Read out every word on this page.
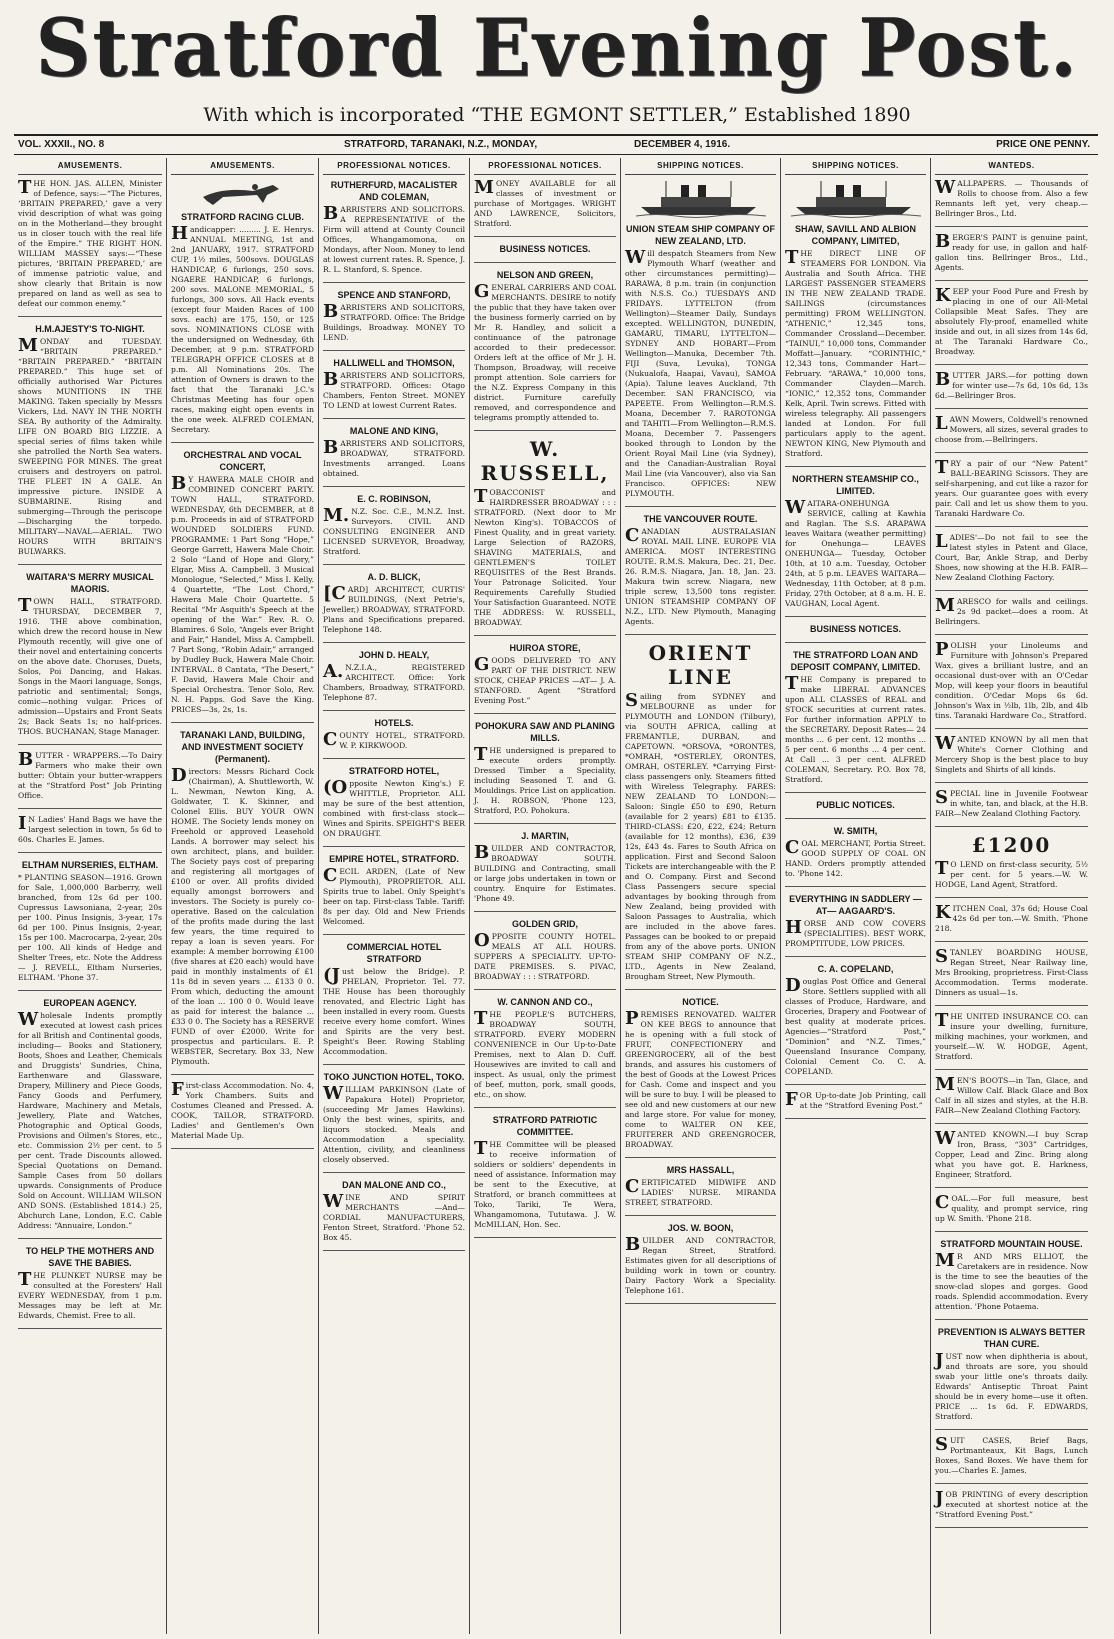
Stratford Evening Post.
With which is incorporated “THE EGMONT SETTLER,” Established 1890
VOL. XXXII., NO. 8	STRATFORD, TARANAKI, N.Z., MONDAY,	DECEMBER 4, 1916.	PRICE ONE PENNY.
AMUSEMENTS.

THE HON. JAS. ALLEN, Minister of Defence, says:—“The Pictures, ‘BRITAIN PREPARED,’ gave a very vivid description of what was going on in the Motherland—they brought us in closer touch with the real life of the Empire.” THE RIGHT HON. WILLIAM MASSEY says:—“These pictures, ‘BRITAIN PREPARED,’ are of immense patriotic value, and show clearly that Britain is now prepared on land as well as sea to defeat our common enemy.”

H.M.AJESTY'S TO-NIGHT.

MONDAY and TUESDAY. “BRITAIN PREPARED.” “BRITAIN PREPARED.” “BRITAIN PREPARED.” This huge set of officially authorised War Pictures shows MUNITIONS IN THE MAKING. Taken specially by Messrs Vickers, Ltd. NAVY IN THE NORTH SEA. By authority of the Admiralty. LIFE ON BOARD BIG LIZZIE. A special series of films taken while she patrolled the North Sea waters. SWEEPING FOR MINES. The great cruisers and destroyers on patrol. THE FLEET IN A GALE. An impressive picture. INSIDE A SUBMARINE. Rising and submerging—Through the periscope—Discharging the torpedo. MILITARY—NAVAL—AERIAL. TWO HOURS WITH BRITAIN'S BULWARKS.

WAITARA'S MERRY MUSICAL MAORIS.

TOWN HALL, STRATFORD. THURSDAY, DECEMBER 7, 1916. THE above combination, which drew the record house in New Plymouth recently, will give one of their novel and entertaining concerts on the above date. Choruses, Duets, Solos, Poi Dancing, and Hakas. Songs in the Maori language, Songs, patriotic and sentimental; Songs, comic—nothing vulgar. Prices of admission—Upstairs and Front Seats 2s; Back Seats 1s; no half-prices. THOS. BUCHANAN, Stage Manager.

BUTTER - WRAPPERS.—To Dairy Farmers who make their own butter: Obtain your butter-wrappers at the “Stratford Post” Job Printing Office.

IN Ladies' Hand Bags we have the largest selection in town, 5s 6d to 60s. Charles E. James.

ELTHAM NURSERIES, ELTHAM.

* PLANTING SEASON—1916. Grown for Sale, 1,000,000 Barberry, well branched, from 12s 6d per 100. Cupressus Lawsoniana, 2-year, 20s per 100. Pinus Insignis, 3-year, 17s 6d per 100. Pinus Insignis, 2-year, 15s per 100. Macrocarpa, 2-year, 20s per 100. All kinds of Hedge and Shelter Trees, etc. Note the Address— J. REVELL, Eltham Nurseries, ELTHAM. 'Phone 37.

EUROPEAN AGENCY.

Wholesale Indents promptly executed at lowest cash prices for all British and Continental goods, including— Books and Stationery, Boots, Shoes and Leather, Chemicals and Druggists' Sundries, China, Earthenware and Glassware, Drapery, Millinery and Piece Goods, Fancy Goods and Perfumery, Hardware, Machinery and Metals, Jewellery, Plate and Watches, Photographic and Optical Goods, Provisions and Oilmen's Stores, etc., etc. Commission 2½ per cent. to 5 per cent. Trade Discounts allowed. Special Quotations on Demand. Sample Cases from 50 dollars upwards. Consignments of Produce Sold on Account. WILLIAM WILSON AND SONS. (Established 1814.) 25, Abchurch Lane, London, E.C. Cable Address: “Annuaire, London.”

TO HELP THE MOTHERS AND SAVE THE BABIES.

THE PLUNKET NURSE may be consulted at the Foresters' Hall EVERY WEDNESDAY, from 1 p.m. Messages may be left at Mr. Edwards, Chemist. Free to all.

AMUSEMENTS.
STRATFORD RACING CLUB.

Handicapper: ......... J. E. Henrys. ANNUAL MEETING, 1st and 2nd JANUARY, 1917. STRATFORD CUP, 1½ miles, 500sovs. DOUGLAS HANDICAP, 6 furlongs, 250 sovs. NGAERE HANDICAP, 6 furlongs, 200 sovs. MALONE MEMORIAL, 5 furlongs, 300 sovs. All Hack events (except four Maiden Races of 100 sovs. each) are 175, 150, or 125 sovs. NOMINATIONS CLOSE with the undersigned on Wednesday, 6th December, at 9 p.m. STRATFORD TELEGRAPH OFFICE CLOSES at 8 p.m. All Nominations 20s. The attention of Owners is drawn to the fact that the Taranaki J.C.'s Christmas Meeting has four open races, making eight open events in the one week. ALFRED COLEMAN, Secretary.

ORCHESTRAL AND VOCAL CONCERT,

BY HAWERA MALE CHOIR and COMBINED CONCERT PARTY. TOWN HALL, STRATFORD. WEDNESDAY, 6th DECEMBER, at 8 p.m. Proceeds in aid of STRATFORD WOUNDED SOLDIERS FUND. PROGRAMME: 1 Part Song “Hope,” George Garrett, Hawera Male Choir. 2 Solo “Land of Hope and Glory,” Elgar, Miss A. Campbell. 3 Musical Monologue, “Selected,” Miss I. Kelly. 4 Quartette, “The Lost Chord,” Hawera Male Choir Quartette. 5 Recital “Mr Asquith's Speech at the opening of the War.” Rev. R. O. Blamires. 6 Solo, “Angels ever Bright and Fair,” Handel, Miss A. Campbell. 7 Part Song, “Robin Adair,” arranged by Dudley Buck, Hawera Male Choir. INTERVAL. 8 Cantata, “The Desert,” F. David, Hawera Male Choir and Special Orchestra. Tenor Solo, Rev. N. H. Papps. God Save the King. PRICES—3s, 2s, 1s.

TARANAKI LAND, BUILDING, AND INVESTMENT SOCIETY (Permanent).

Directors: Messrs Richard Cock (Chairman), A. Shuttleworth, W. L. Newman, Newton King, A. Goldwater, T. K. Skinner, and Colonel Ellis. BUY YOUR OWN HOME. The Society lends money on Freehold or approved Leasehold Lands. A borrower may select his own architect, plans, and builder. The Society pays cost of preparing and registering all mortgages of £100 or over. All profits divided equally amongst borrowers and investors. The Society is purely co-operative. Based on the calculation of the profits made during the last few years, the time required to repay a loan is seven years. For example: A member borrowing £100 (five shares at £20 each) would have paid in monthly instalments of £1 11s 8d in seven years ... £133 0 0. From which, deducting the amount of the loan ... 100 0 0. Would leave as paid for interest the balance ... £33 0 0. The Society has a RESERVE FUND of over £2000. Write for prospectus and particulars. E. P. WEBSTER, Secretary. Box 33, New Plymouth.

First-class Accommodation. No. 4, York Chambers. Suits and Costumes Cleaned and Pressed. A. COOK, TAILOR, STRATFORD. Ladies' and Gentlemen's Own Material Made Up.

PROFESSIONAL NOTICES.
RUTHERFURD, MACALISTER AND COLEMAN,

BARRISTERS AND SOLICITORS. A REPRESENTATIVE of the Firm will attend at County Council Offices, Whangamomona, on Mondays, after Noon. Money to lend at lowest current rates. R. Spence, J. R. L. Stanford, S. Spence.

SPENCE AND STANFORD,

BARRISTERS AND SOLICITORS, STRATFORD. Office: The Bridge Buildings, Broadway. MONEY TO LEND.

HALLIWELL and THOMSON,

BARRISTERS AND SOLICITORS, STRATFORD. Offices: Otago Chambers, Fenton Street. MONEY TO LEND at lowest Current Rates.

MALONE AND KING,

BARRISTERS AND SOLICITORS, BROADWAY, STRATFORD. Investments arranged. Loans obtained.

E. C. ROBINSON,

M.N.Z. Soc. C.E., M.N.Z. Inst. Surveyors. CIVIL AND CONSULTING ENGINEER AND LICENSED SURVEYOR, Broadway, Stratford.

A. D. BLICK,

[CARD] ARCHITECT, CURTIS' BUILDINGS, (Next Petrie's, Jeweller,) BROADWAY, STRATFORD. Plans and Specifications prepared. Telephone 148.

JOHN D. HEALY,

A.N.Z.I.A., REGISTERED ARCHITECT. Office: York Chambers, Broadway, STRATFORD. Telephone 87.

HOTELS.

COUNTY HOTEL, STRATFORD. W. P. KIRKWOOD.

STRATFORD HOTEL,

(Opposite Newton King's.) F. WHITTLE, Proprietor. ALL may be sure of the best attention, combined with first-class stock—Wines and Spirits. SPEIGHT'S BEER ON DRAUGHT.

EMPIRE HOTEL, STRATFORD.

CECIL ARDEN, (Late of New Plymouth), PROPRIETOR. ALL Spirits true to label. Only Speight's beer on tap. First-class Table. Tariff: 8s per day. Old and New Friends Welcomed.

COMMERCIAL HOTEL STRATFORD

(Just below the Bridge). P. PHELAN, Proprietor. Tel. 77. THE House has been thoroughly renovated, and Electric Light has been installed in every room. Guests receive every home comfort. Wines and Spirits are the very best. Speight's Beer. Rowing Stabling Accommodation.

TOKO JUNCTION HOTEL, TOKO.

WILLIAM PARKINSON (Late of Papakura Hotel) Proprietor, (succeeding Mr James Hawkins). Only the best wines, spirits, and liquors stocked. Meals and Accommodation a speciality. Attention, civility, and cleanliness closely observed.

DAN MALONE AND CO.,

WINE AND SPIRIT MERCHANTS —And— CORDIAL MANUFACTURERS, Fenton Street, Stratford. 'Phone 52. Box 45.

PROFESSIONAL NOTICES.

MONEY AVAILABLE for all classes of investment or purchase of Mortgages. WRIGHT AND LAWRENCE, Solicitors, Stratford.

BUSINESS NOTICES.
NELSON AND GREEN,

GENERAL CARRIERS AND COAL MERCHANTS. DESIRE to notify the public that they have taken over the business formerly carried on by Mr R. Handley, and solicit a continuance of the patronage accorded to their predecessor. Orders left at the office of Mr J. H. Thompson, Broadway, will receive prompt attention. Sole carriers for the N.Z. Express Company in this district. Furniture carefully removed, and correspondence and telegrams promptly attended to.

W. RUSSELL,

TOBACCONIST and HAIRDRESSER BROADWAY : : : STRATFORD. (Next door to Mr Newton King's). TOBACCOS of Finest Quality, and in great variety. Large Selection of RAZORS, SHAVING MATERIALS, and GENTLEMEN'S TOILET REQUISITES of the Best Brands. Your Patronage Solicited. Your Requirements Carefully Studied Your Satisfaction Guaranteed. NOTE THE ADDRESS: W. RUSSELL, BROADWAY.

HUIROA STORE,

GOODS DELIVERED TO ANY PART OF THE DISTRICT. NEW STOCK, CHEAP PRICES —AT— J. A. STANFORD. Agent “Stratford Evening Post.”

POHOKURA SAW AND PLANING MILLS.

THE undersigned is prepared to execute orders promptly. Dressed Timber a Speciality, including Seasoned T. and G. Mouldings. Price List on application. J. H. ROBSON, 'Phone 123, Stratford, P.O. Pohokura.

J. MARTIN,

BUILDER AND CONTRACTOR, BROADWAY SOUTH. BUILDING and Contracting, small or large jobs undertaken in town or country. Enquire for Estimates. 'Phone 49.

GOLDEN GRID,

OPPOSITE COUNTY HOTEL. MEALS AT ALL HOURS. SUPPERS A SPECIALITY. UP-TO-DATE PREMISES. S. PIVAC, BROADWAY : : : STRATFORD.

W. CANNON AND CO.,

THE PEOPLE'S BUTCHERS, BROADWAY SOUTH, STRATFORD. EVERY MODERN CONVENIENCE in Our Up-to-Date Premises, next to Alan D. Cuff. Housewives are invited to call and inspect. As usual, only the primest of beef, mutton, pork, small goods, etc., on show.

STRATFORD PATRIOTIC COMMITTEE.

THE Committee will be pleased to receive information of soldiers or soldiers' dependents in need of assistance. Information may be sent to the Executive, at Stratford, or branch committees at Toko, Tariki, Te Wera, Whangamomona, Tututawa. J. W. McMILLAN, Hon. Sec.

SHIPPING NOTICES.
UNION STEAM SHIP COMPANY OF NEW ZEALAND, LTD.

Will despatch Steamers from New Plymouth Wharf (weather and other circumstances permitting)— RARAWA, 8 p.m. train (in conjunction with N.S.S. Co.) TUESDAYS AND FRIDAYS. LYTTELTON (from Wellington)—Steamer Daily, Sundays excepted. WELLINGTON, DUNEDIN, GAMARU, TIMARU, LYTTELTON—SYDNEY AND HOBART—From Wellington—Manuka, December 7th. FIJI (Suva, Levuka), TONGA (Nukualofa, Haapai, Vavau), SAMOA (Apia). Talune leaves Auckland, 7th December. SAN FRANCISCO, via PAPEETE. From Wellington—R.M.S. Moana, December 7. RAROTONGA and TAHITI—From Wellington—R.M.S. Moana, December 7. Passengers booked through to London by the Orient Royal Mail Line (via Sydney), and the Canadian-Australian Royal Mail Line (via Vancouver), also via San Francisco. OFFICES: NEW PLYMOUTH.

THE VANCOUVER ROUTE.

CANADIAN AUSTRALASIAN ROYAL MAIL LINE. EUROPE VIA AMERICA. MOST INTERESTING ROUTE. R.M.S. Makura, Dec. 21, Dec. 26. R.M.S. Niagara, Jan. 18, Jan. 23. Makura twin screw. Niagara, new triple screw, 13,500 tons register. UNION STEAMSHIP COMPANY OF N.Z., LTD. New Plymouth, Managing Agents.

ORIENT LINE

Sailing from SYDNEY and MELBOURNE as under for PLYMOUTH and LONDON (Tilbury), via SOUTH AFRICA, calling at FREMANTLE, DURBAN, and CAPETOWN. *ORSOVA, *ORONTES, *OMRAH, *OSTERLEY, ORONTES, OMRAH, OSTERLEY. *Carrying First-class passengers only. Steamers fitted with Wireless Telegraphy. FARES: NEW ZEALAND TO LONDON:— Saloon: Single £50 to £90, Return (available for 2 years) £81 to £135. THIRD-CLASS: £20, £22, £24; Return (available for 12 months), £36, £39 12s, £43 4s. Fares to South Africa on application. First and Second Saloon Tickets are interchangeable with the P. and O. Company. First and Second Class Passengers secure special advantages by booking through from New Zealand, being provided with Saloon Passages to Australia, which are included in the above fares. Passages can be booked to or prepaid from any of the above ports. UNION STEAM SHIP COMPANY OF N.Z., LTD., Agents in New Zealand, Brougham Street, New Plymouth.

NOTICE.

PREMISES RENOVATED. WALTER ON KEE BEGS to announce that he is opening with a full stock of FRUIT, CONFECTIONERY and GREENGROCERY, all of the best brands, and assures his customers of the best of Goods at the Lowest Prices for Cash. Come and inspect and you will be sure to buy. I will be pleased to see old and new customers at our new and large store. For value for money, come to WALTER ON KEE, FRUITERER AND GREENGROCER, BROADWAY.

MRS HASSALL,

CERTIFICATED MIDWIFE AND LADIES' NURSE. MIRANDA STREET, STRATFORD.

JOS. W. BOON,

BUILDER AND CONTRACTOR, Regan Street, Stratford. Estimates given for all descriptions of building work in town or country. Dairy Factory Work a Speciality. Telephone 161.

SHIPPING NOTICES.
SHAW, SAVILL AND ALBION COMPANY, LIMITED,

THE DIRECT LINE OF STEAMERS FOR LONDON. Via Australia and South Africa. THE LARGEST PASSENGER STEAMERS IN THE NEW ZEALAND TRADE. SAILINGS (circumstances permitting) FROM WELLINGTON. “ATHENIC,” 12,345 tons, Commander Crossland—December. “TAINUI,” 10,000 tons, Commander Moffatt—January. “CORINTHIC,” 12,343 tons, Commander Hart—February. “ARAWA,” 10,000 tons, Commander Clayden—March. “IONIC,” 12,352 tons, Commander Kelk, April. Twin screws. Fitted with wireless telegraphy. All passengers landed at London. For full particulars apply to the agent. NEWTON KING, New Plymouth and Stratford.

NORTHERN STEAMSHIP CO., LIMITED.

WAITARA-ONEHUNGA SERVICE, calling at Kawhia and Raglan. The S.S. ARAPAWA leaves Waitara (weather permitting) for Onehunga— LEAVES ONEHUNGA— Tuesday, October 10th, at 10 a.m. Tuesday, October 24th, at 5 p.m. LEAVES WAITARA— Wednesday, 11th October, at 8 p.m. Friday, 27th October, at 8 a.m. H. E. VAUGHAN, Local Agent.

BUSINESS NOTICES.
THE STRATFORD LOAN AND DEPOSIT COMPANY, LIMITED.

THE Company is prepared to make LIBERAL ADVANCES upon ALL CLASSES of REAL and STOCK securities at current rates. For further information APPLY to the SECRETARY. Deposit Rates— 24 months ... 6 per cent. 12 months ... 5 per cent. 6 months ... 4 per cent. At Call ... 3 per cent. ALFRED COLEMAN, Secretary. P.O. Box 78, Stratford.

PUBLIC NOTICES.
W. SMITH,

COAL MERCHANT, Portia Street. GOOD SUPPLY OF COAL ON HAND. Orders promptly attended to. 'Phone 142.

EVERYTHING IN SADDLERY —AT— AAGAARD'S.

HORSE AND COW COVERS (SPECIALITIES). BEST WORK, PROMPTITUDE, LOW PRICES.

C. A. COPELAND,

Douglas Post Office and General Store. Settlers supplied with all classes of Produce, Hardware, and Groceries, Drapery and Footwear of best quality at moderate prices. Agencies—“Stratford Post,” “Dominion” and “N.Z. Times,” Queensland Insurance Company, Colonial Cement Co. C. A. COPELAND.

FOR Up-to-date Job Printing, call at the “Stratford Evening Post.”

WANTEDS.

WALLPAPERS. — Thousands of Rolls to choose from. Also a few Remnants left yet, very cheap.—Bellringer Bros., Ltd.

BERGER'S PAINT is genuine paint, ready for use, in gallon and half-gallon tins. Bellringer Bros., Ltd., Agents.

KEEP your Food Pure and Fresh by placing in one of our All-Metal Collapsible Meat Safes. They are absolutely Fly-proof, enamelled white inside and out, in all sizes from 14s 6d, at The Taranaki Hardware Co., Broadway.

BUTTER JARS.—for potting down for winter use—7s 6d, 10s 6d, 13s 6d.—Bellringer Bros.

LAWN Mowers, Coldwell's renowned Mowers, all sizes, several grades to choose from.—Bellringers.

TRY a pair of our “New Patent” BALL-BEARING Scissors. They are self-sharpening, and cut like a razor for years. Our guarantee goes with every pair. Call and let us show them to you. Taranaki Hardware Co.

LADIES'—Do not fail to see the latest styles in Patent and Glace, Court, Bar, Ankle Strap, and Derby Shoes, now showing at the H.B. FAIR—New Zealand Clothing Factory.

MARESCO for walls and ceilings. 2s 9d packet—does a room. At Bellringers.

POLISH your Linoleums and Furniture with Johnson's Prepared Wax, gives a brilliant lustre, and an occasional dust-over with an O'Cedar Mop, will keep your floors in beautiful condition. O'Cedar Mops 6s 6d. Johnson's Wax in ½lb, 1lb, 2lb, and 4lb tins. Taranaki Hardware Co., Stratford.

WANTED KNOWN by all men that White's Corner Clothing and Mercery Shop is the best place to buy Singlets and Shirts of all kinds.

SPECIAL line in Juvenile Footwear in white, tan, and black, at the H.B. FAIR—New Zealand Clothing Factory.

£1200

TO LEND on first-class security, 5½ per cent. for 5 years.—W. W. HODGE, Land Agent, Stratford.

KITCHEN Coal, 37s 6d; House Coal 42s 6d per ton.—W. Smith. 'Phone 218.

STANLEY BOARDING HOUSE, Regan Street, Near Railway line, Mrs Brooking, proprietress. First-Class Accommodation. Terms moderate. Dinners as usual—1s.

THE UNITED INSURANCE CO. can insure your dwelling, furniture, milking machines, your workmen, and yourself.—W. W. HODGE, Agent, Stratford.

MEN'S BOOTS—in Tan, Glace, and Willow Calf. Black Glace and Box Calf in all sizes and styles, at the H.B. FAIR—New Zealand Clothing Factory.

WANTED KNOWN.—I buy Scrap Iron, Brass, “303” Cartridges, Copper, Lead and Zinc. Bring along what you have got. E. Harkness, Engineer, Stratford.

COAL.—For full measure, best quality, and prompt service, ring up W. Smith. 'Phone 218.

STRATFORD MOUNTAIN HOUSE.

MR AND MRS ELLIOT, the Caretakers are in residence. Now is the time to see the beauties of the snow-clad slopes and gorges. Good roads. Splendid accommodation. Every attention. 'Phone Potaema.

PREVENTION IS ALWAYS BETTER THAN CURE.

JUST now when diphtheria is about, and throats are sore, you should swab your little one's throats daily. Edwards' Antiseptic Throat Paint should be in every home—use it often. PRICE ... 1s 6d. F. EDWARDS, Stratford.

SUIT CASES, Brief Bags, Portmanteaux, Kit Bags, Lunch Boxes, Sand Boxes. We have them for you.—Charles E. James.

JOB PRINTING of every description executed at shortest notice at the “Stratford Evening Post.”
